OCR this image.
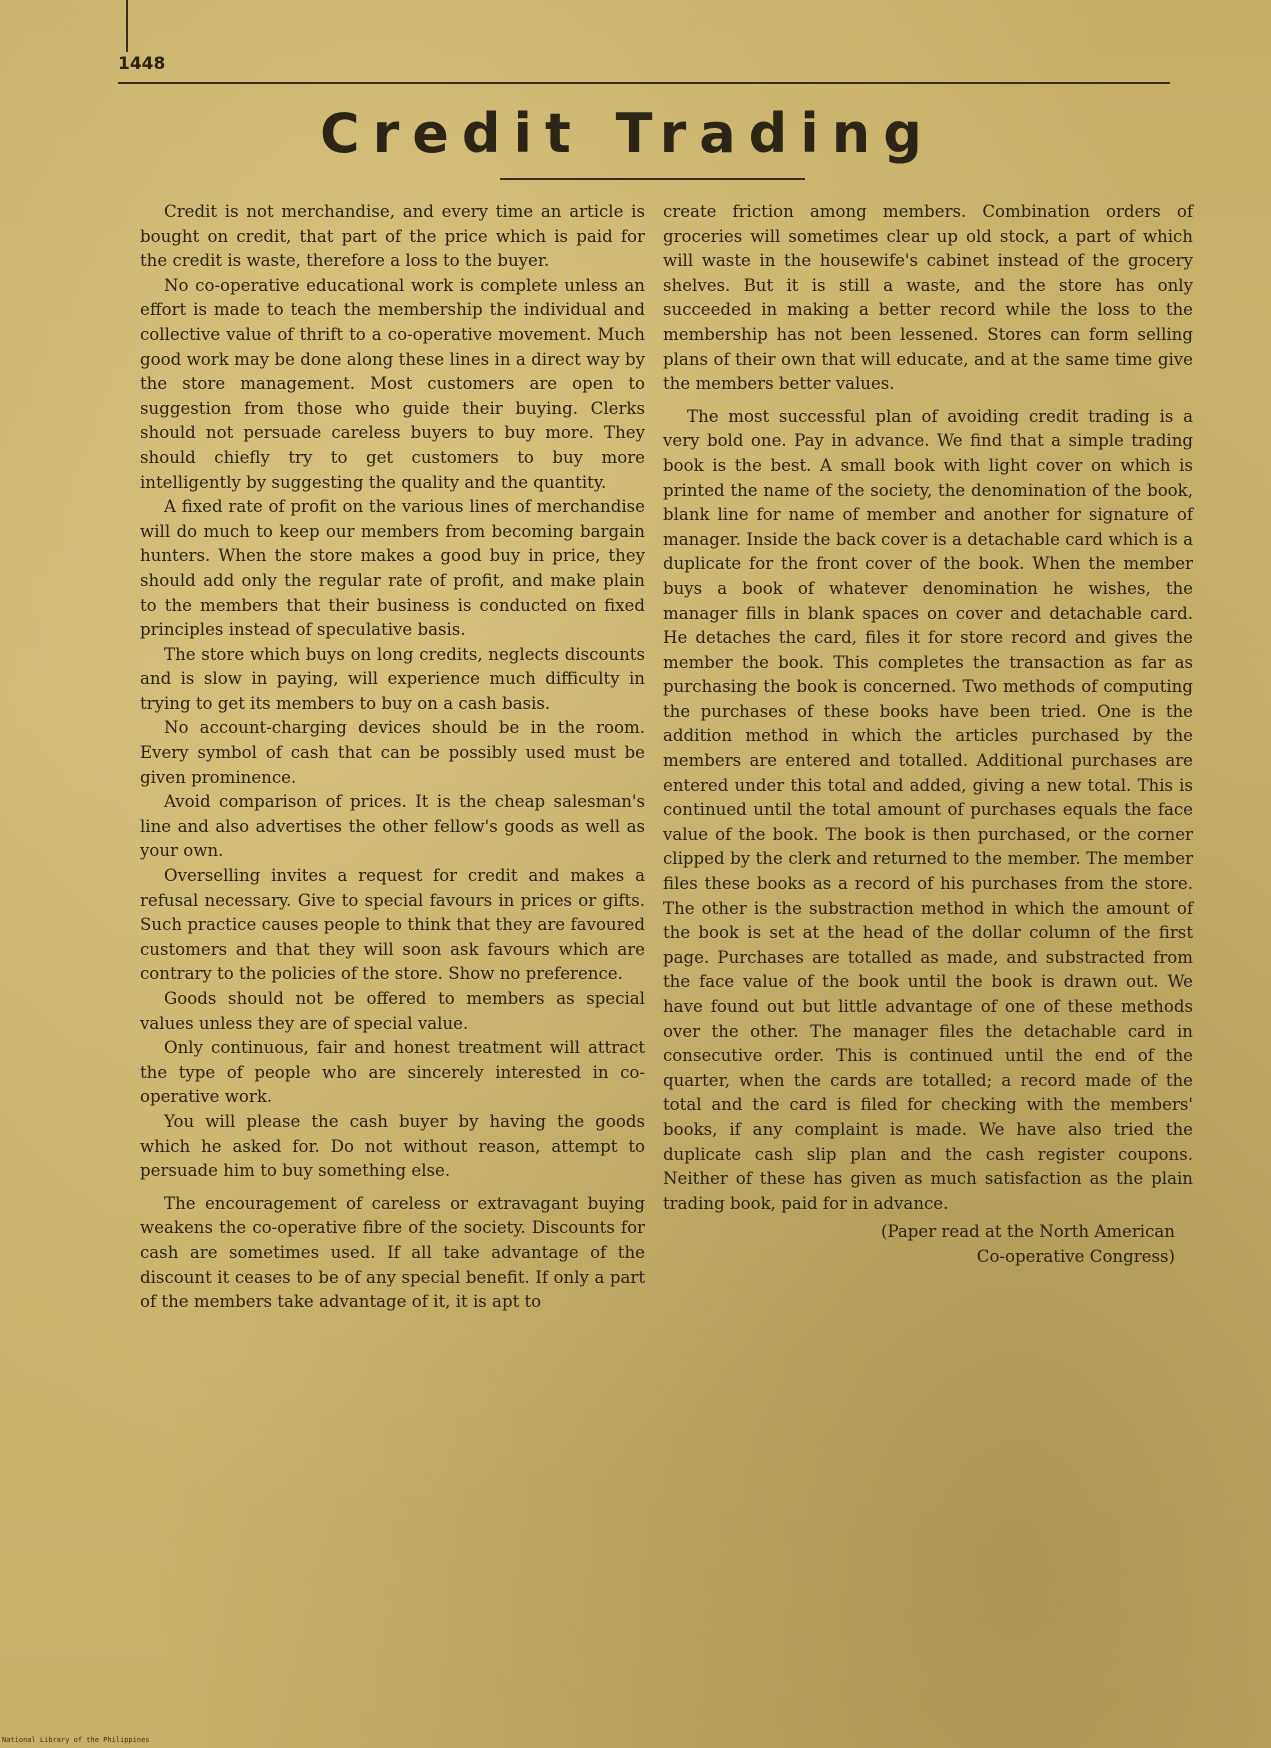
1448
Credit Trading

Credit is not merchandise, and every time an article is bought on credit, that part of the price which is paid for the credit is waste, therefore a loss to the buyer.

No co-operative educational work is complete unless an effort is made to teach the membership the individual and collective value of thrift to a co-operative movement. Much good work may be done along these lines in a direct way by the store management. Most customers are open to suggestion from those who guide their buying. Clerks should not persuade careless buyers to buy more. They should chiefly try to get customers to buy more intelligently by suggesting the quality and the quantity.

A fixed rate of profit on the various lines of merchandise will do much to keep our members from becoming bargain hunters. When the store makes a good buy in price, they should add only the regular rate of profit, and make plain to the members that their business is conducted on fixed principles instead of speculative basis.

The store which buys on long credits, neglects discounts and is slow in paying, will experience much difficulty in trying to get its members to buy on a cash basis.

No account-charging devices should be in the room. Every symbol of cash that can be possibly used must be given prominence.

Avoid comparison of prices. It is the cheap salesman's line and also advertises the other fellow's goods as well as your own.

Overselling invites a request for credit and makes a refusal necessary. Give to special favours in prices or gifts. Such practice causes people to think that they are favoured customers and that they will soon ask favours which are contrary to the policies of the store. Show no preference.

Goods should not be offered to members as special values unless they are of special value.

Only continuous, fair and honest treatment will attract the type of people who are sincerely interested in co-operative work.

You will please the cash buyer by having the goods which he asked for. Do not without reason, attempt to persuade him to buy something else.

The encouragement of careless or extravagant buying weakens the co-operative fibre of the society. Discounts for cash are sometimes used. If all take advantage of the discount it ceases to be of any special benefit. If only a part of the members take advantage of it, it is apt to

create friction among members. Combination orders of groceries will sometimes clear up old stock, a part of which will waste in the housewife's cabinet instead of the grocery shelves. But it is still a waste, and the store has only succeeded in making a better record while the loss to the membership has not been lessened. Stores can form selling plans of their own that will educate, and at the same time give the members better values.

The most successful plan of avoiding credit trading is a very bold one. Pay in advance. We find that a simple trading book is the best. A small book with light cover on which is printed the name of the society, the denomination of the book, blank line for name of member and another for signature of manager. Inside the back cover is a detachable card which is a duplicate for the front cover of the book. When the member buys a book of whatever denomination he wishes, the manager fills in blank spaces on cover and detachable card. He detaches the card, files it for store record and gives the member the book. This completes the transaction as far as purchasing the book is concerned. Two methods of computing the purchases of these books have been tried. One is the addition method in which the articles purchased by the members are entered and totalled. Additional purchases are entered under this total and added, giving a new total. This is continued until the total amount of purchases equals the face value of the book. The book is then purchased, or the corner clipped by the clerk and returned to the member. The member files these books as a record of his purchases from the store. The other is the substraction method in which the amount of the book is set at the head of the dollar column of the first page. Purchases are totalled as made, and substracted from the face value of the book until the book is drawn out. We have found out but little advantage of one of these methods over the other. The manager files the detachable card in consecutive order. This is continued until the end of the quarter, when the cards are totalled; a record made of the total and the card is filed for checking with the members' books, if any complaint is made. We have also tried the duplicate cash slip plan and the cash register coupons. Neither of these has given as much satisfaction as the plain trading book, paid for in advance.

(Paper read at the North American
Co-operative Congress)
National Library of the Philippines
